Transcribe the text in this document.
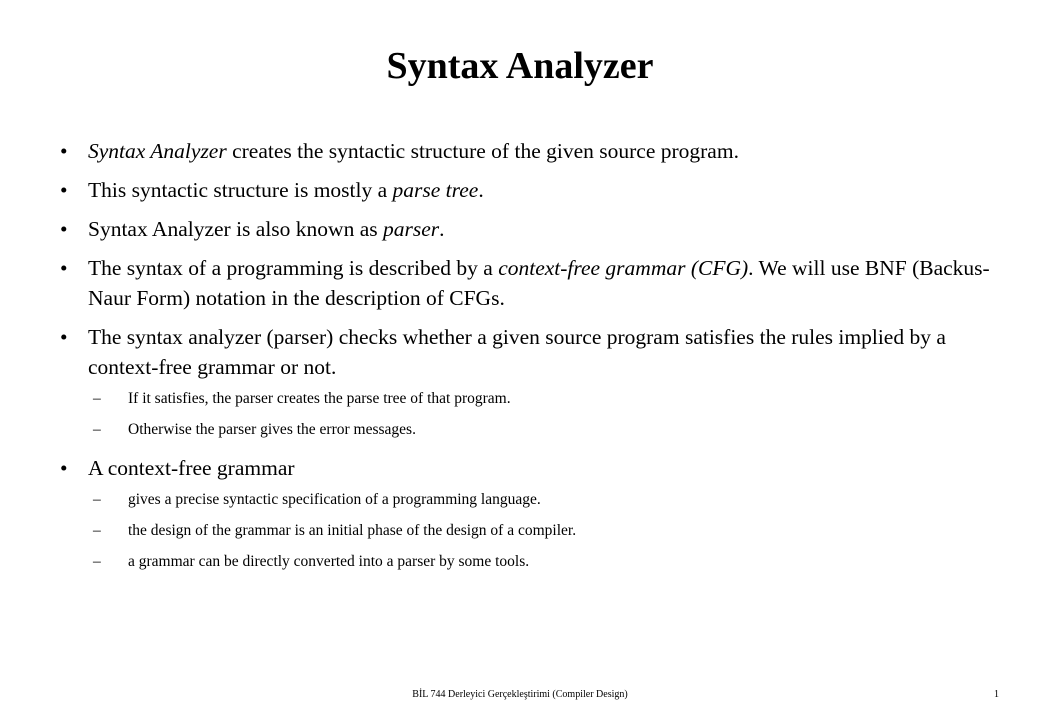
Syntax Analyzer
• Syntax Analyzer creates the syntactic structure of the given source program.
• This syntactic structure is mostly a parse tree.
• Syntax Analyzer is also known as parser.
• The syntax of a programming is described by a context-free grammar (CFG). We will use BNF (Backus-Naur Form) notation in the description of CFGs.
• The syntax analyzer (parser) checks whether a given source program satisfies the rules implied by a context-free grammar or not.
– If it satisfies, the parser creates the parse tree of that program.
– Otherwise the parser gives the error messages.
• A context-free grammar
– gives a precise syntactic specification of a programming language.
– the design of the grammar is an initial phase of the design of a compiler.
– a grammar can be directly converted into a parser by some tools.
BİL 744 Derleyici Gerçekleştirimi (Compiler Design)	1
